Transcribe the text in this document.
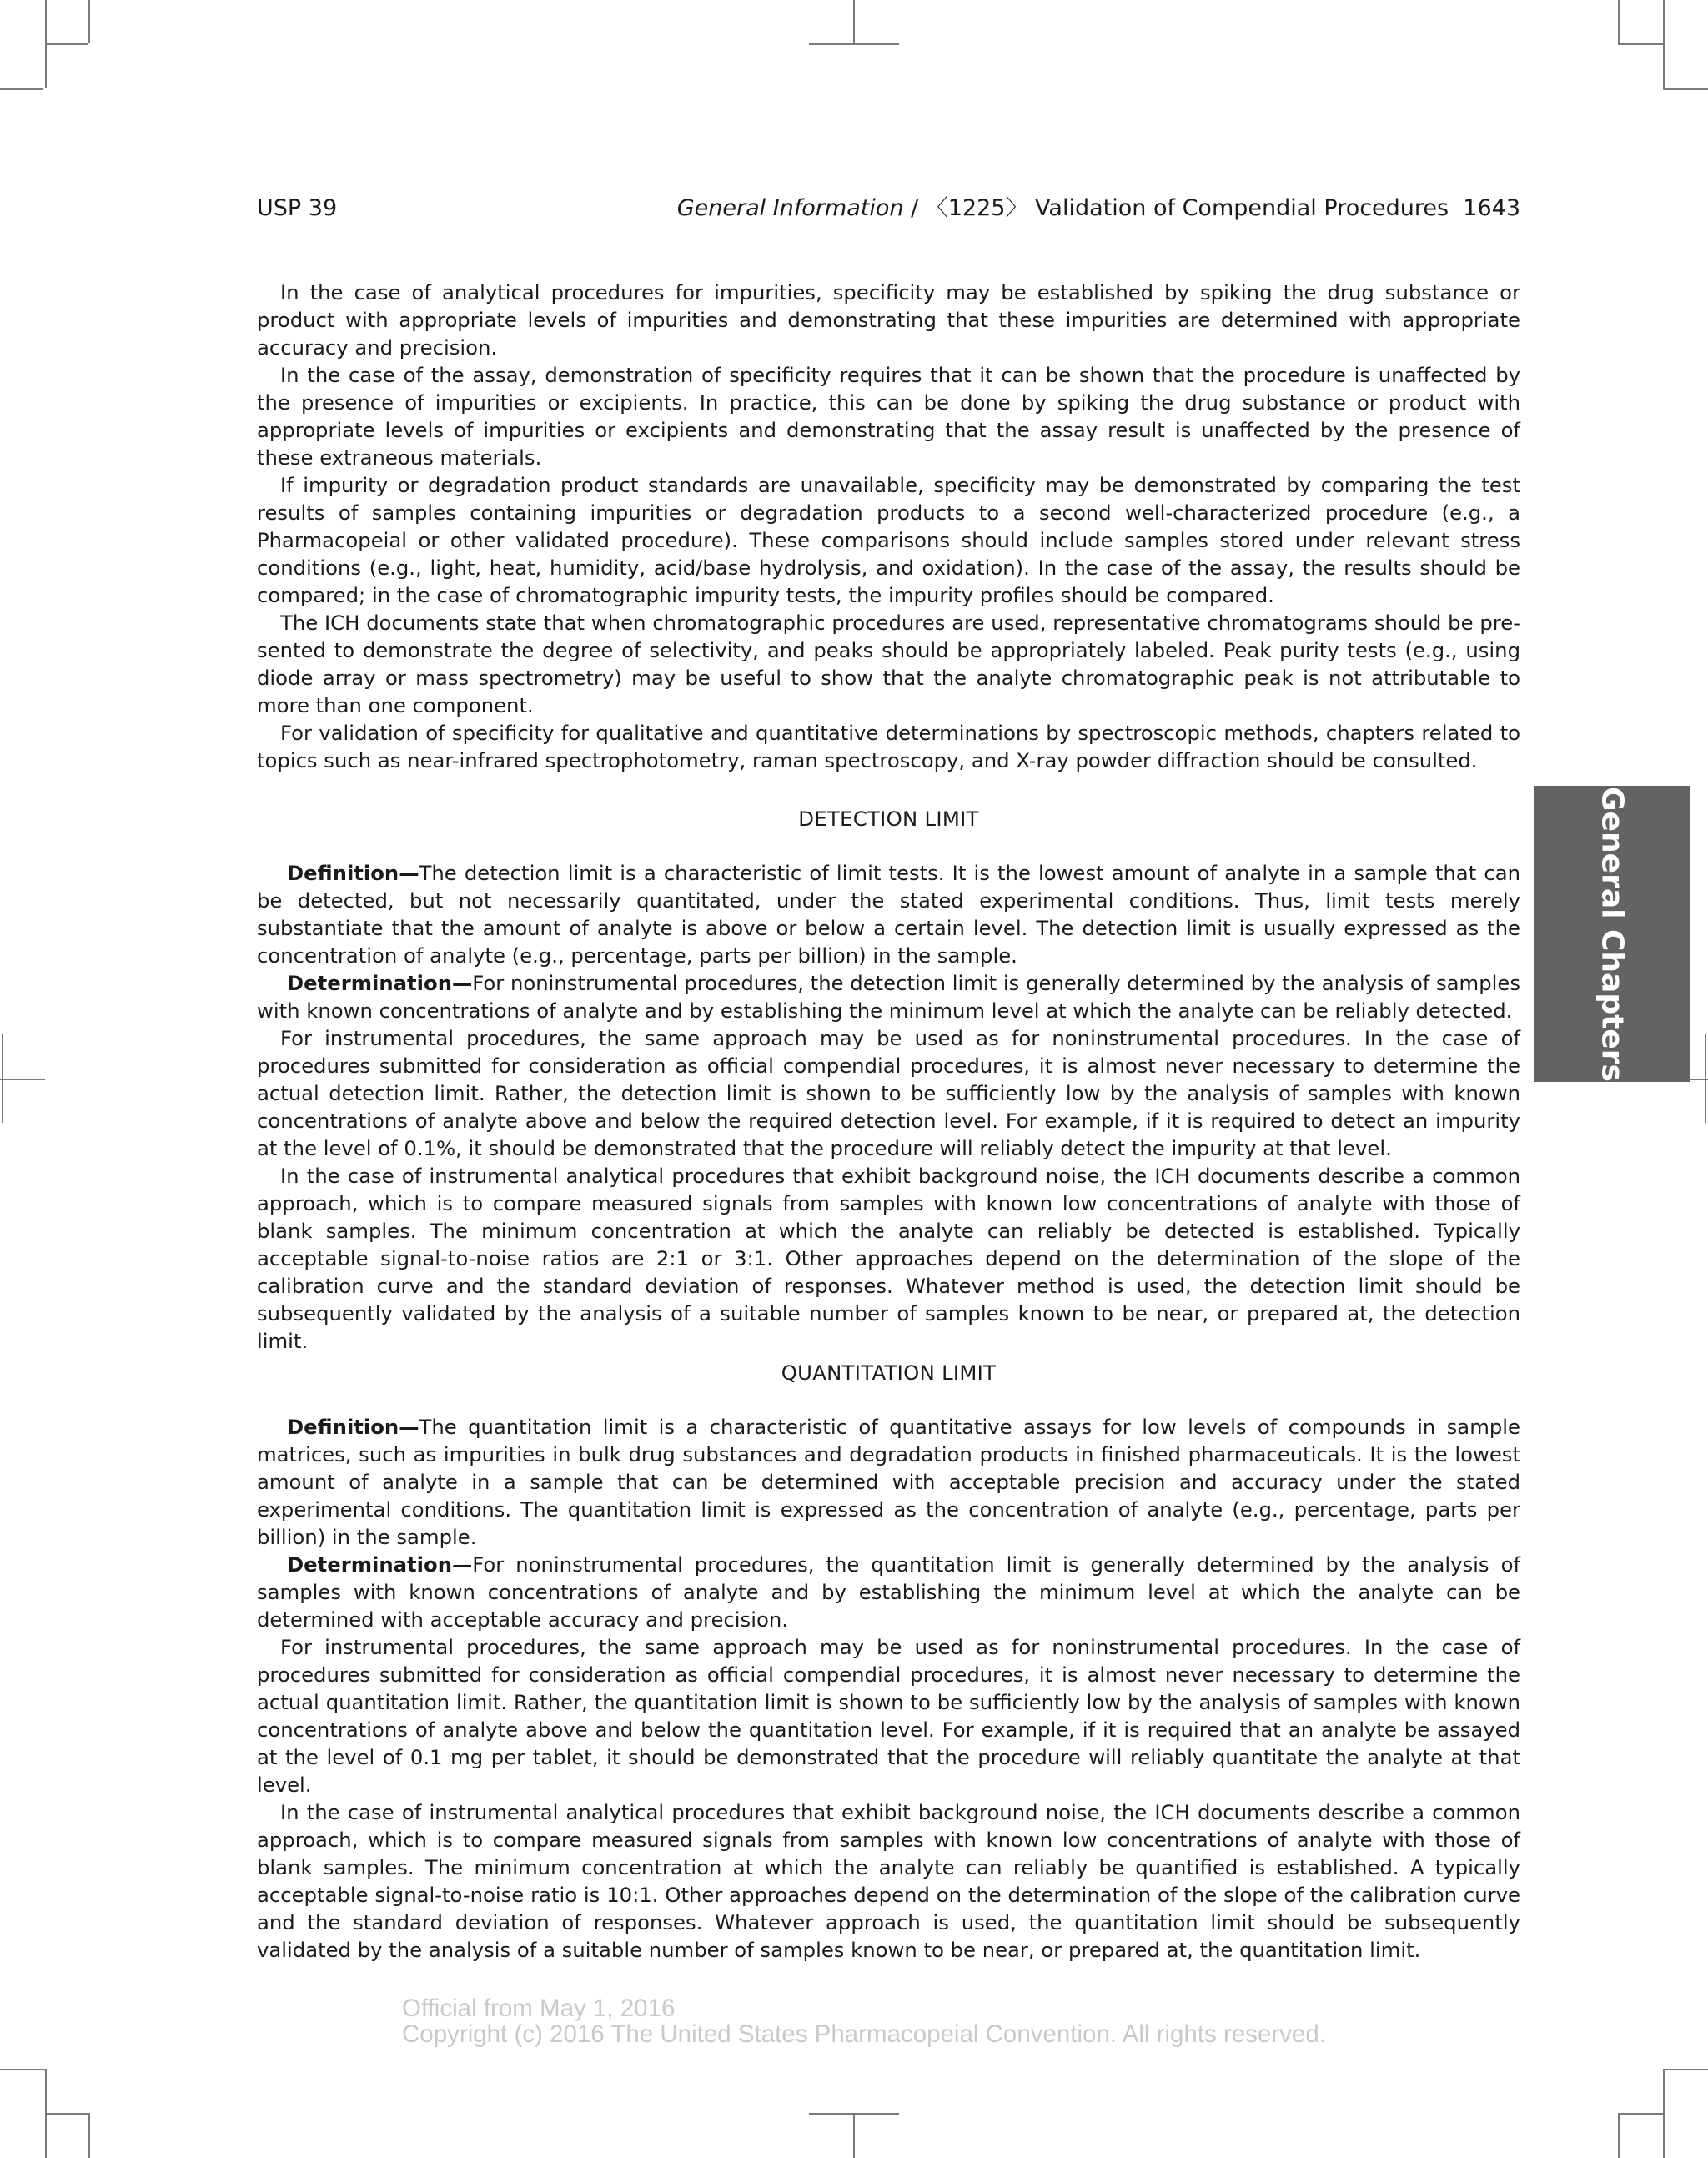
USP 39	General Information / 〈1225〉 Validation of Compendial Procedures 1643

In the case of analytical procedures for impurities, specificity may be established by spiking the drug substance or product with appropriate levels of impurities and demonstrating that these impurities are determined with appropriate accuracy and precision.

In the case of the assay, demonstration of specificity requires that it can be shown that the procedure is unaffected by the presence of impurities or excipients. In practice, this can be done by spiking the drug substance or product with appropriate levels of impurities or excipients and demonstrating that the assay result is unaffected by the presence of these extraneous materials.

If impurity or degradation product standards are unavailable, specificity may be demonstrated by comparing the test results of samples containing impurities or degradation products to a second well-characterized procedure (e.g., a Pharmacopeial or other validated procedure). These comparisons should include samples stored under relevant stress conditions (e.g., light, heat, humidity, acid/base hydrolysis, and oxidation). In the case of the assay, the results should be compared; in the case of chromatographic impurity tests, the impurity profiles should be compared.

The ICH documents state that when chromatographic procedures are used, representative chromatograms should be presented to demonstrate the degree of selectivity, and peaks should be appropriately labeled. Peak purity tests (e.g., using diode array or mass spectrometry) may be useful to show that the analyte chromatographic peak is not attributable to more than one component.

For validation of specificity for qualitative and quantitative determinations by spectroscopic methods, chapters related to topics such as near-infrared spectrophotometry, raman spectroscopy, and X-ray powder diffraction should be consulted.

DETECTION LIMIT

Definition—The detection limit is a characteristic of limit tests. It is the lowest amount of analyte in a sample that can be detected, but not necessarily quantitated, under the stated experimental conditions. Thus, limit tests merely substantiate that the amount of analyte is above or below a certain level. The detection limit is usually expressed as the concentration of analyte (e.g., percentage, parts per billion) in the sample.

Determination—For noninstrumental procedures, the detection limit is generally determined by the analysis of samples with known concentrations of analyte and by establishing the minimum level at which the analyte can be reliably detected.

For instrumental procedures, the same approach may be used as for noninstrumental procedures. In the case of procedures submitted for consideration as official compendial procedures, it is almost never necessary to determine the actual detection limit. Rather, the detection limit is shown to be sufficiently low by the analysis of samples with known concentrations of analyte above and below the required detection level. For example, if it is required to detect an impurity at the level of 0.1%, it should be demonstrated that the procedure will reliably detect the impurity at that level.

In the case of instrumental analytical procedures that exhibit background noise, the ICH documents describe a common approach, which is to compare measured signals from samples with known low concentrations of analyte with those of blank samples. The minimum concentration at which the analyte can reliably be detected is established. Typically acceptable signal-to-noise ratios are 2:1 or 3:1. Other approaches depend on the determination of the slope of the calibration curve and the standard deviation of responses. Whatever method is used, the detection limit should be subsequently validated by the analysis of a suitable number of samples known to be near, or prepared at, the detection limit.

QUANTITATION LIMIT

Definition—The quantitation limit is a characteristic of quantitative assays for low levels of compounds in sample matrices, such as impurities in bulk drug substances and degradation products in finished pharmaceuticals. It is the lowest amount of analyte in a sample that can be determined with acceptable precision and accuracy under the stated experimental conditions. The quantitation limit is expressed as the concentration of analyte (e.g., percentage, parts per billion) in the sample.

Determination—For noninstrumental procedures, the quantitation limit is generally determined by the analysis of samples with known concentrations of analyte and by establishing the minimum level at which the analyte can be determined with acceptable accuracy and precision.

For instrumental procedures, the same approach may be used as for noninstrumental procedures. In the case of procedures submitted for consideration as official compendial procedures, it is almost never necessary to determine the actual quantitation limit. Rather, the quantitation limit is shown to be sufficiently low by the analysis of samples with known concentrations of analyte above and below the quantitation level. For example, if it is required that an analyte be assayed at the level of 0.1 mg per tablet, it should be demonstrated that the procedure will reliably quantitate the analyte at that level.

In the case of instrumental analytical procedures that exhibit background noise, the ICH documents describe a common approach, which is to compare measured signals from samples with known low concentrations of analyte with those of blank samples. The minimum concentration at which the analyte can reliably be quantified is established. A typically acceptable signal-to-noise ratio is 10:1. Other approaches depend on the determination of the slope of the calibration curve and the standard deviation of responses. Whatever approach is used, the quantitation limit should be subsequently validated by the analysis of a suitable number of samples known to be near, or prepared at, the quantitation limit.

General Chapters
Official from May 1, 2016
Copyright (c) 2016 The United States Pharmacopeial Convention. All rights reserved.
